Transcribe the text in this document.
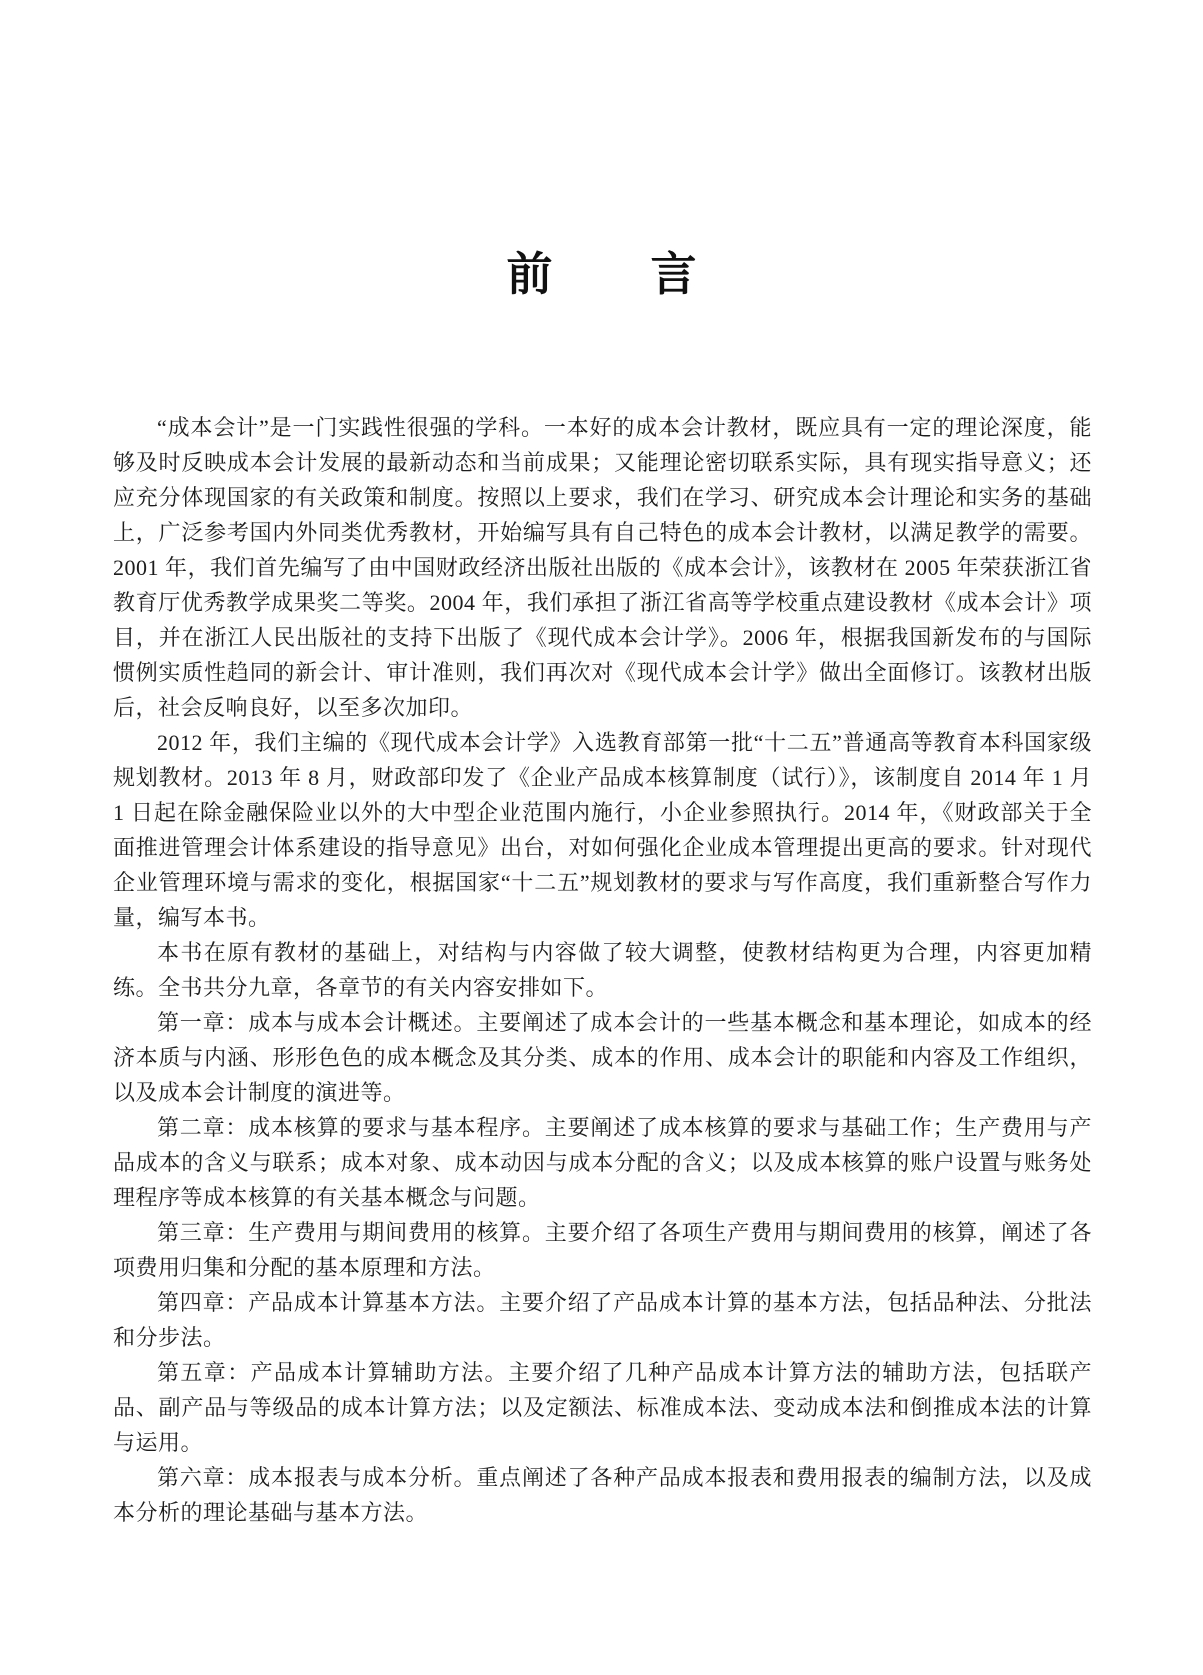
前　　言

“成本会计”是一门实践性很强的学科。一本好的成本会计教材，既应具有一定的理论深度，能够及时反映成本会计发展的最新动态和当前成果；又能理论密切联系实际，具有现实指导意义；还应充分体现国家的有关政策和制度。按照以上要求，我们在学习、研究成本会计理论和实务的基础上，广泛参考国内外同类优秀教材，开始编写具有自己特色的成本会计教材，以满足教学的需要。2001 年，我们首先编写了由中国财政经济出版社出版的《成本会计》，该教材在 2005 年荣获浙江省教育厅优秀教学成果奖二等奖。2004 年，我们承担了浙江省高等学校重点建设教材《成本会计》项目，并在浙江人民出版社的支持下出版了《现代成本会计学》。2006 年，根据我国新发布的与国际惯例实质性趋同的新会计、审计准则，我们再次对《现代成本会计学》做出全面修订。该教材出版后，社会反响良好，以至多次加印。

2012 年，我们主编的《现代成本会计学》入选教育部第一批“十二五”普通高等教育本科国家级规划教材。2013 年 8 月，财政部印发了《企业产品成本核算制度（试行）》，该制度自 2014 年 1 月 1 日起在除金融保险业以外的大中型企业范围内施行，小企业参照执行。2014 年，《财政部关于全面推进管理会计体系建设的指导意见》出台，对如何强化企业成本管理提出更高的要求。针对现代企业管理环境与需求的变化，根据国家“十二五”规划教材的要求与写作高度，我们重新整合写作力量，编写本书。

本书在原有教材的基础上，对结构与内容做了较大调整，使教材结构更为合理，内容更加精练。全书共分九章，各章节的有关内容安排如下。

第一章：成本与成本会计概述。主要阐述了成本会计的一些基本概念和基本理论，如成本的经济本质与内涵、形形色色的成本概念及其分类、成本的作用、成本会计的职能和内容及工作组织，以及成本会计制度的演进等。

第二章：成本核算的要求与基本程序。主要阐述了成本核算的要求与基础工作；生产费用与产品成本的含义与联系；成本对象、成本动因与成本分配的含义；以及成本核算的账户设置与账务处理程序等成本核算的有关基本概念与问题。

第三章：生产费用与期间费用的核算。主要介绍了各项生产费用与期间费用的核算，阐述了各项费用归集和分配的基本原理和方法。

第四章：产品成本计算基本方法。主要介绍了产品成本计算的基本方法，包括品种法、分批法和分步法。

第五章：产品成本计算辅助方法。主要介绍了几种产品成本计算方法的辅助方法，包括联产品、副产品与等级品的成本计算方法；以及定额法、标准成本法、变动成本法和倒推成本法的计算与运用。

第六章：成本报表与成本分析。重点阐述了各种产品成本报表和费用报表的编制方法，以及成本分析的理论基础与基本方法。
